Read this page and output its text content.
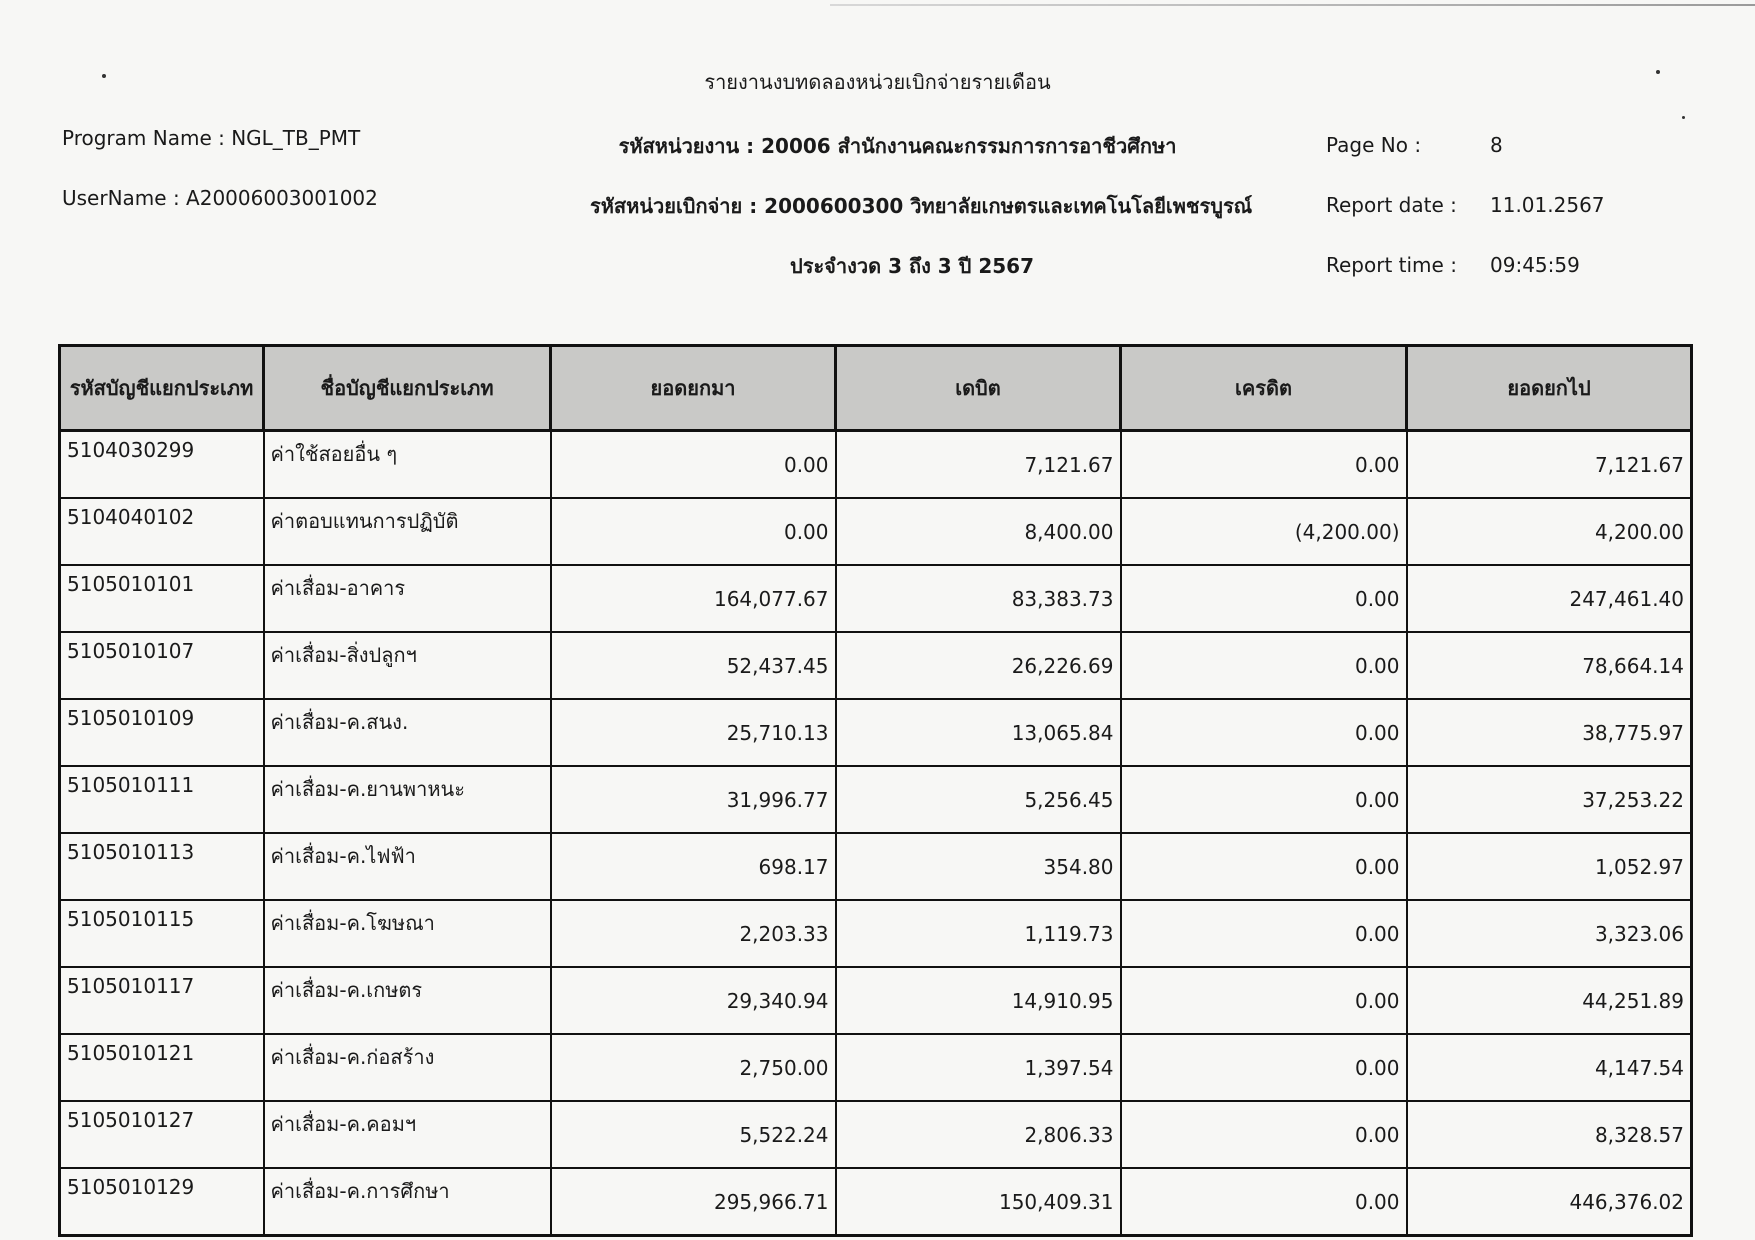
รายงานงบทดลองหน่วยเบิกจ่ายรายเดือน
Program Name : NGL_TB_PMT	รหัสหน่วยงาน : 20006 สำนักงานคณะกรรมการการอาชีวศึกษา	Page No :	8
UserName : A20006003001002	รหัสหน่วยเบิกจ่าย : 2000600300 วิทยาลัยเกษตรและเทคโนโลยีเพชรบูรณ์	Report date : 11.01.2567
ประจำงวด 3 ถึง 3 ปี 2567	Report time : 09:45:59
รหัสบัญชีแยกประเภท	ชื่อบัญชีแยกประเภท	ยอดยกมา	เดบิต	เครดิต	ยอดยกไป
5104030299	ค่าใช้สอยอื่น ๆ	0.00	7,121.67	0.00	7,121.67
5104040102	ค่าตอบแทนการปฏิบัติ	0.00	8,400.00	(4,200.00)	4,200.00
5105010101	ค่าเสื่อม-อาคาร	164,077.67	83,383.73	0.00	247,461.40
5105010107	ค่าเสื่อม-สิ่งปลูกฯ	52,437.45	26,226.69	0.00	78,664.14
5105010109	ค่าเสื่อม-ค.สนง.	25,710.13	13,065.84	0.00	38,775.97
5105010111	ค่าเสื่อม-ค.ยานพาหนะ	31,996.77	5,256.45	0.00	37,253.22
5105010113	ค่าเสื่อม-ค.ไฟฟ้า	698.17	354.80	0.00	1,052.97
5105010115	ค่าเสื่อม-ค.โฆษณา	2,203.33	1,119.73	0.00	3,323.06
5105010117	ค่าเสื่อม-ค.เกษตร	29,340.94	14,910.95	0.00	44,251.89
5105010121	ค่าเสื่อม-ค.ก่อสร้าง	2,750.00	1,397.54	0.00	4,147.54
5105010127	ค่าเสื่อม-ค.คอมฯ	5,522.24	2,806.33	0.00	8,328.57
5105010129	ค่าเสื่อม-ค.การศึกษา	295,966.71	150,409.31	0.00	446,376.02
